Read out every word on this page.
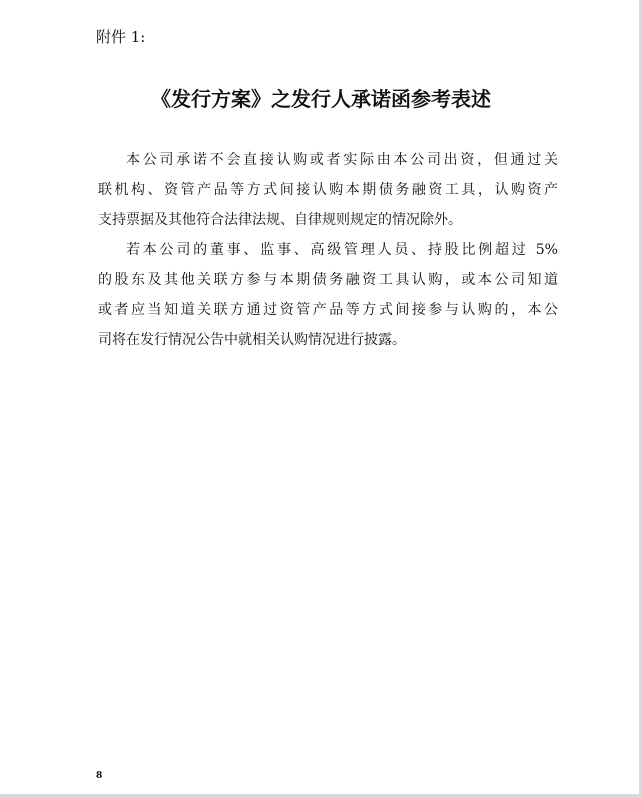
附件 1:
《发行方案》之发行人承诺函参考表述
本公司承诺不会直接认购或者实际由本公司出资，但通过关
联机构、资管产品等方式间接认购本期债务融资工具，认购资产
支持票据及其他符合法律法规、自律规则规定的情况除外。
若本公司的董事、监事、高级管理人员、持股比例超过 5%
的股东及其他关联方参与本期债务融资工具认购，或本公司知道
或者应当知道关联方通过资管产品等方式间接参与认购的，本公
司将在发行情况公告中就相关认购情况进行披露。
8
